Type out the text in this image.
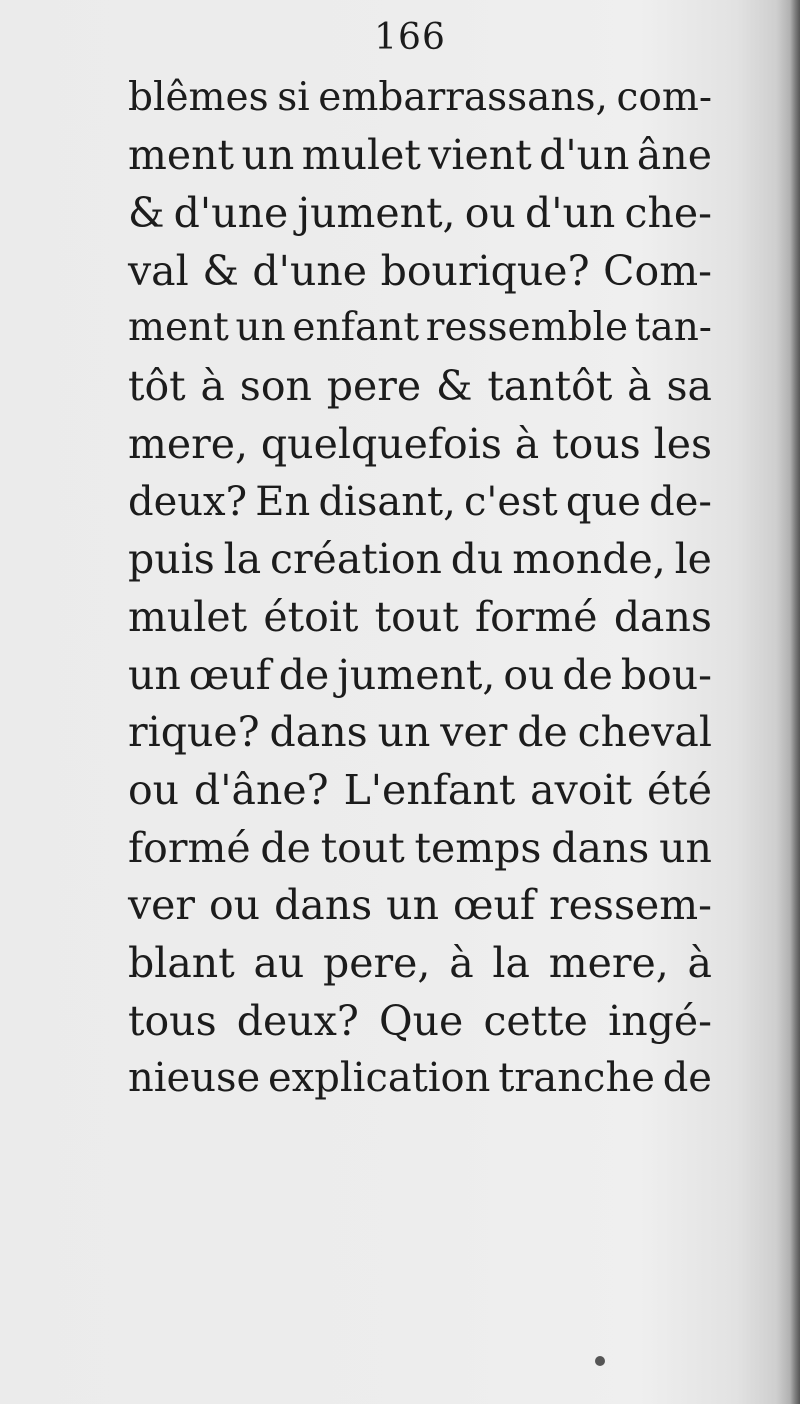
166
blêmes si embarrassans, com-
ment un mulet vient d'un âne
& d'une jument, ou d'un che-
val & d'une bourique? Com-
ment un enfant ressemble tan-
tôt à son pere & tantôt à sa
mere, quelquefois à tous les
deux? En disant, c'est que de-
puis la création du monde, le
mulet étoit tout formé dans
un œuf de jument, ou de bou-
rique? dans un ver de cheval
ou d'âne? L'enfant avoit été
formé de tout temps dans un
ver ou dans un œuf ressem-
blant au pere, à la mere, à
tous deux? Que cette ingé-
nieuse explication tranche de
